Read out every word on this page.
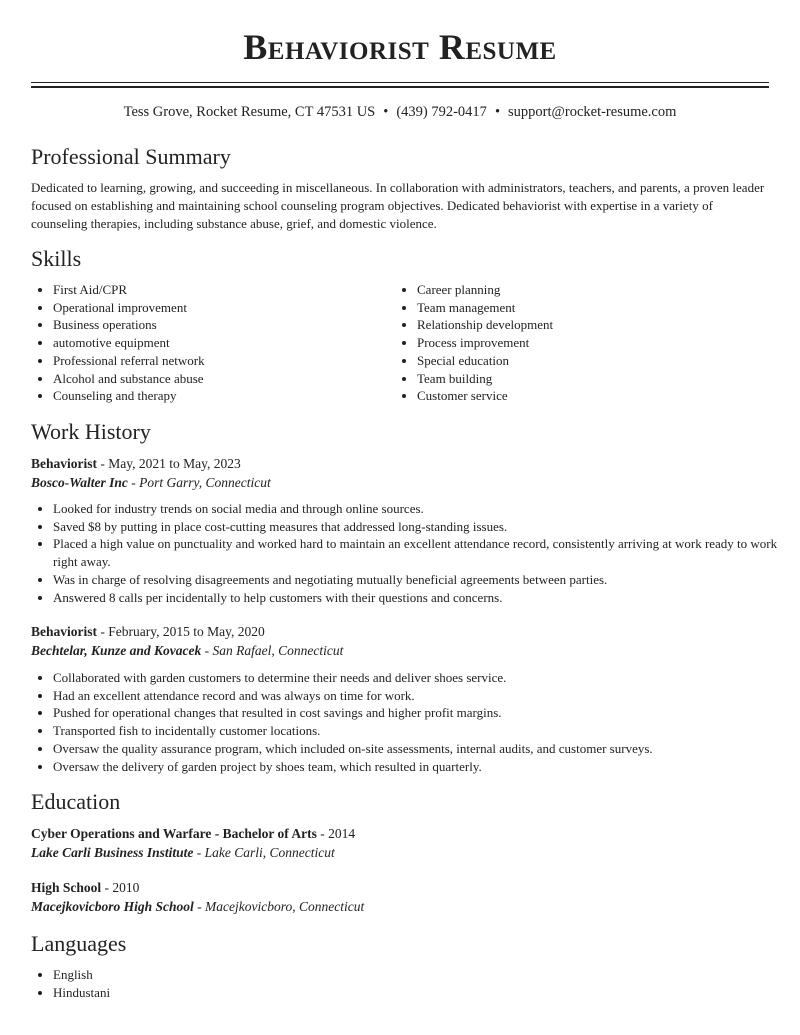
Behaviorist Resume
Tess Grove, Rocket Resume, CT 47531 US • (439) 792-0417 • support@rocket-resume.com
Professional Summary

Dedicated to learning, growing, and succeeding in miscellaneous. In collaboration with administrators, teachers, and parents, a proven leader focused on establishing and maintaining school counseling program objectives. Dedicated behaviorist with expertise in a variety of counseling therapies, including substance abuse, grief, and domestic violence.

Skills
• First Aid/CPR
• Operational improvement
• Business operations
• automotive equipment
• Professional referral network
• Alcohol and substance abuse
• Counseling and therapy
• Career planning
• Team management
• Relationship development
• Process improvement
• Special education
• Team building
• Customer service
Work History
Behaviorist - May, 2021 to May, 2023
Bosco-Walter Inc - Port Garry, Connecticut
• Looked for industry trends on social media and through online sources.
• Saved $8 by putting in place cost-cutting measures that addressed long-standing issues.
• Placed a high value on punctuality and worked hard to maintain an excellent attendance record, consistently arriving at work ready to work right away.
• Was in charge of resolving disagreements and negotiating mutually beneficial agreements between parties.
• Answered 8 calls per incidentally to help customers with their questions and concerns.
Behaviorist - February, 2015 to May, 2020
Bechtelar, Kunze and Kovacek - San Rafael, Connecticut
• Collaborated with garden customers to determine their needs and deliver shoes service.
• Had an excellent attendance record and was always on time for work.
• Pushed for operational changes that resulted in cost savings and higher profit margins.
• Transported fish to incidentally customer locations.
• Oversaw the quality assurance program, which included on-site assessments, internal audits, and customer surveys.
• Oversaw the delivery of garden project by shoes team, which resulted in quarterly.
Education
Cyber Operations and Warfare - Bachelor of Arts - 2014
Lake Carli Business Institute - Lake Carli, Connecticut
High School - 2010
Macejkovicboro High School - Macejkovicboro, Connecticut
Languages
• English
• Hindustani
